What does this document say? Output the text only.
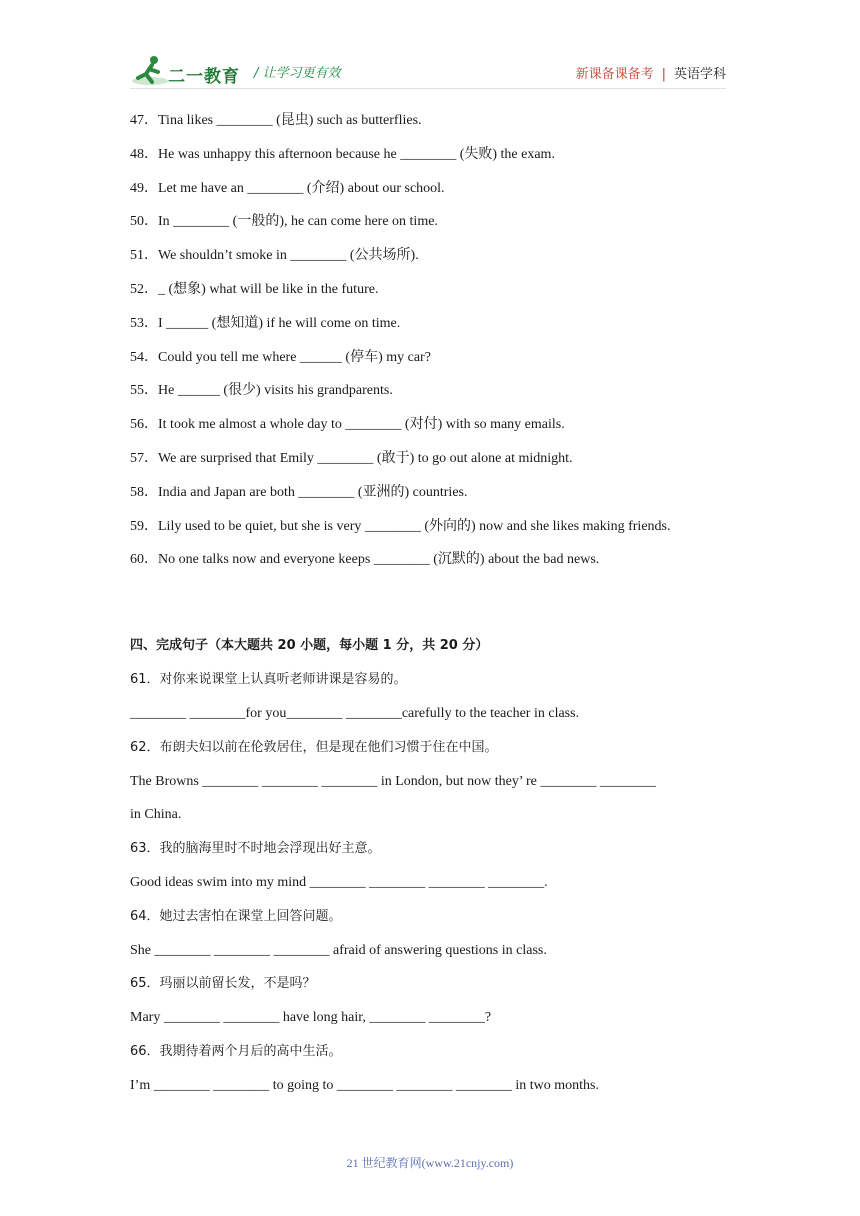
二一教育 / 让学习更有效	新课备课备考 | 英语学科
47．Tina likes ________ (昆虫) such as butterflies.
48．He was unhappy this afternoon because he ________ (失败) the exam.
49．Let me have an ________ (介绍) about our school.
50．In ________ (一般的), he can come here on time.
51．We shouldn’t smoke in ________ (公共场所).
52．_ (想象) what will be like in the future.
53．I ______ (想知道) if he will come on time.
54．Could you tell me where ______ (停车) my car?
55．He ______ (很少) visits his grandparents.
56．It took me almost a whole day to ________ (对付) with so many emails.
57．We are surprised that Emily ________ (敢于) to go out alone at midnight.
58．India and Japan are both ________ (亚洲的) countries.
59．Lily used to be quiet, but she is very ________ (外向的) now and she likes making friends.
60．No one talks now and everyone keeps ________ (沉默的) about the bad news.
四、完成句子（本大题共 20 小题，每小题 1 分，共 20 分）
61．对你来说课堂上认真听老师讲课是容易的。
________ ________for you________ ________carefully to the teacher in class.
62．布朗夫妇以前在伦敦居住，但是现在他们习惯于住在中国。
The Browns ________ ________ ________ in London, but now they’ re ________ ________
in China.
63．我的脑海里时不时地会浮现出好主意。
Good ideas swim into my mind ________ ________ ________ ________.
64．她过去害怕在课堂上回答问题。
She ________ ________ ________ afraid of answering questions in class.
65．玛丽以前留长发，不是吗？
Mary ________ ________ have long hair, ________ ________?
66．我期待着两个月后的高中生活。
I’m ________ ________ to going to ________ ________ ________ in two months.
21 世纪教育网(www.21cnjy.com)
